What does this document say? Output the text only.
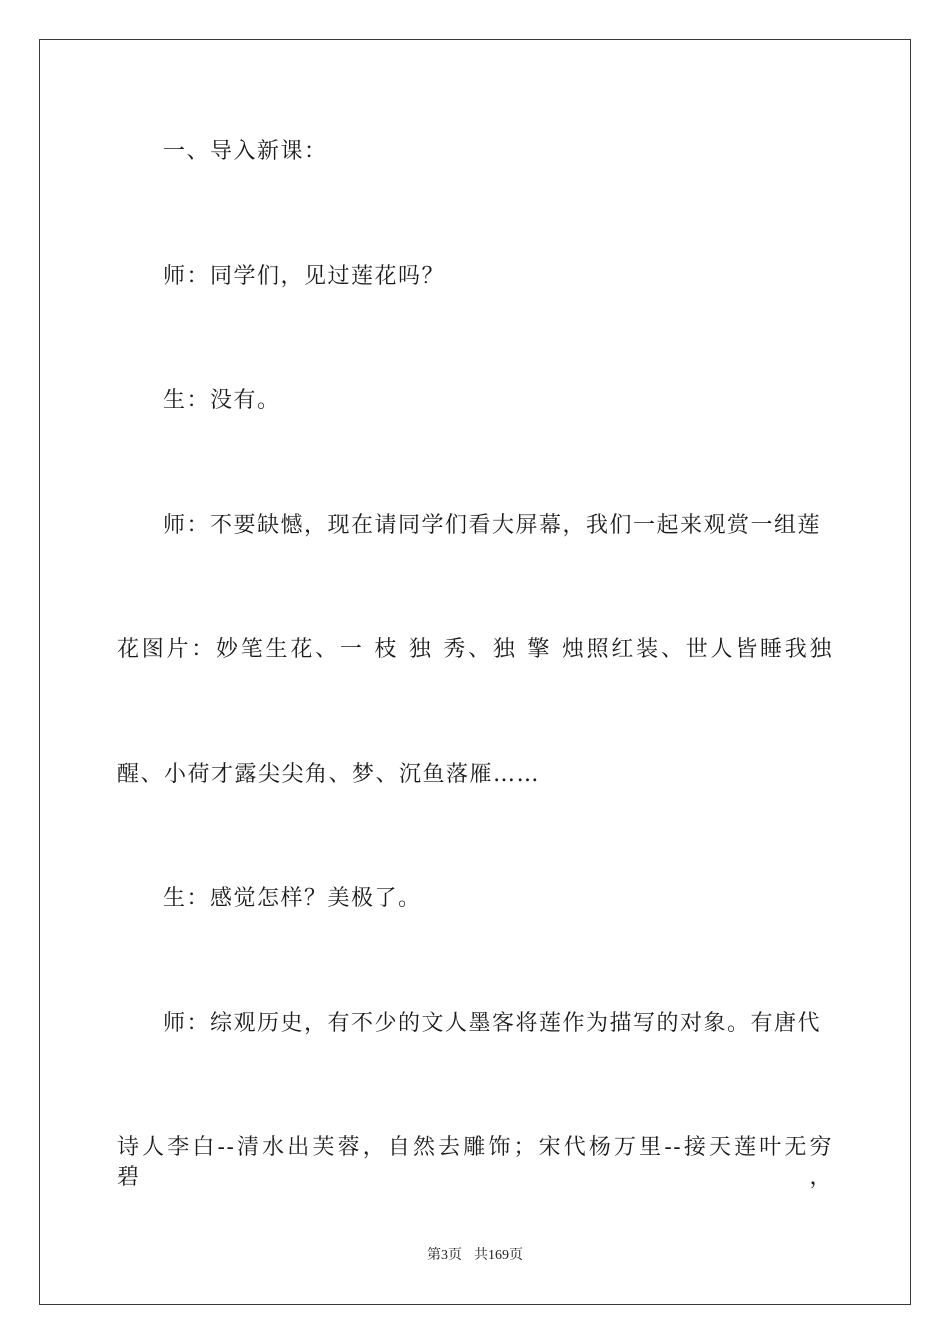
一、导入新课：
师：同学们，见过莲花吗？
生：没有。
师：不要缺憾，现在请同学们看大屏幕，我们一起来观赏一组莲
花图片：妙笔生花、一 枝 独 秀、独 擎 烛照红装、世人皆睡我独
醒、小荷才露尖尖角、梦、沉鱼落雁……
生：感觉怎样？美极了。
师：综观历史，有不少的文人墨客将莲作为描写的对象。有唐代
诗人李白--清水出芙蓉，自然去雕饰；宋代杨万里--接天莲叶无穷碧，
第3页 共169页
